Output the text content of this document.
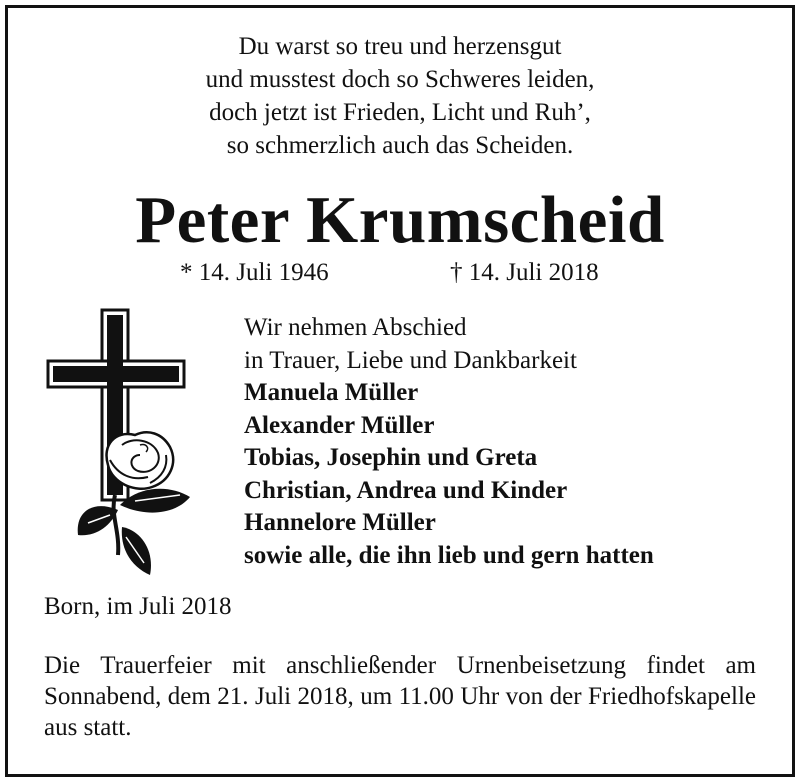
Du warst so treu und herzensgut
und musstest doch so Schweres leiden,
doch jetzt ist Frieden, Licht und Ruh’,
so schmerzlich auch das Scheiden.
Peter Krumscheid
* 14. Juli 1946	† 14. Juli 2018
Wir nehmen Abschied
in Trauer, Liebe und Dankbarkeit
Manuela Müller
Alexander Müller
Tobias, Josephin und Greta
Christian, Andrea und Kinder
Hannelore Müller
sowie alle, die ihn lieb und gern hatten
Born, im Juli 2018
Die Trauerfeier mit anschließender Urnenbeisetzung findet am Sonnabend, dem 21. Juli 2018, um 11.00 Uhr von der Friedhofskapelle aus statt.
